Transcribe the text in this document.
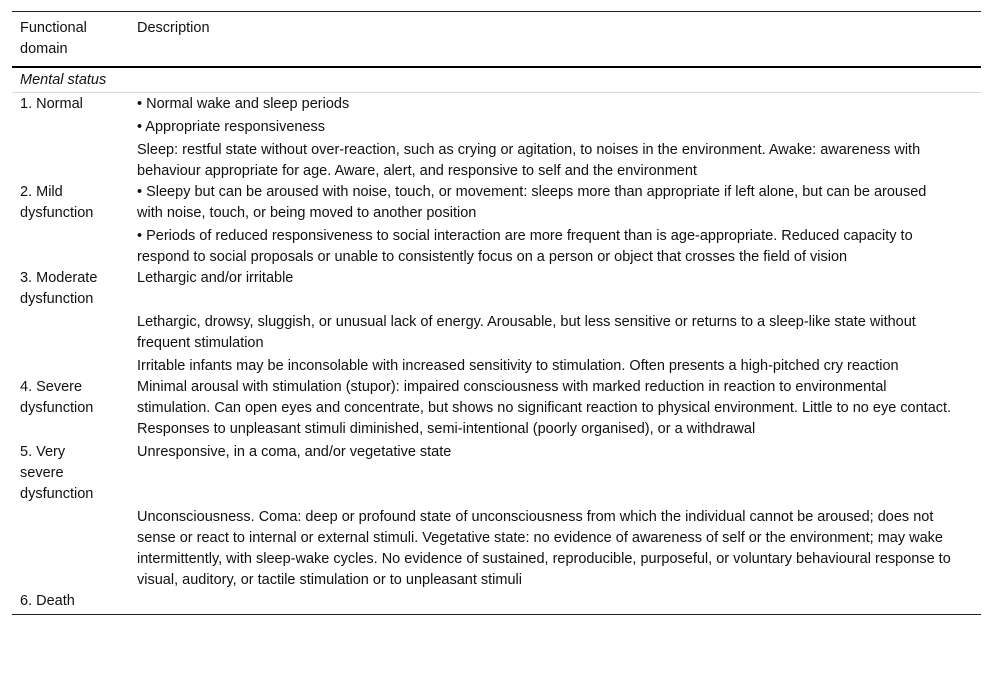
Functional domain
Description
Mental status
1. Normal	• Normal wake and sleep periods

• Appropriate responsiveness

Sleep: restful state without over-reaction, such as crying or agitation, to noises in the environment. Awake: awareness with behaviour appropriate for age. Aware, alert, and responsive to self and the environment

2. Mild dysfunction

• Sleepy but can be aroused with noise, touch, or movement: sleeps more than appropriate if left alone, but can be aroused with noise, touch, or being moved to another position

• Periods of reduced responsiveness to social interaction are more frequent than is age-appropriate. Reduced capacity to respond to social proposals or unable to consistently focus on a person or object that crosses the field of vision

3. Moderate dysfunction

Lethargic and/or irritable

Lethargic, drowsy, sluggish, or unusual lack of energy. Arousable, but less sensitive or returns to a sleep-like state without frequent stimulation

Irritable infants may be inconsolable with increased sensitivity to stimulation. Often presents a high-pitched cry reaction

4. Severe dysfunction

Minimal arousal with stimulation (stupor): impaired consciousness with marked reduction in reaction to environmental stimulation. Can open eyes and concentrate, but shows no significant reaction to physical environment. Little to no eye contact. Responses to unpleasant stimuli diminished, semi-intentional (poorly organised), or a withdrawal

5. Very severe dysfunction

Unresponsive, in a coma, and/or vegetative state

Unconsciousness. Coma: deep or profound state of unconsciousness from which the individual cannot be aroused; does not sense or react to internal or external stimuli. Vegetative state: no evidence of awareness of self or the environment; may wake intermittently, with sleep-wake cycles. No evidence of sustained, reproducible, purposeful, or voluntary behavioural response to visual, auditory, or tactile stimulation or to unpleasant stimuli

6. Death
